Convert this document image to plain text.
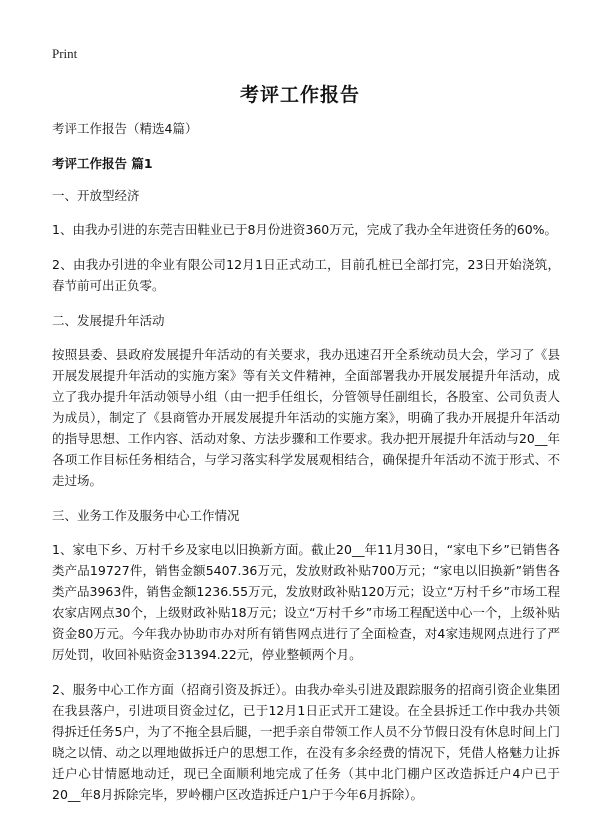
Print
考评工作报告

考评工作报告（精选4篇）

考评工作报告 篇1

一、开放型经济

1、由我办引进的东莞吉田鞋业已于8月份进资360万元，完成了我办全年进资任务的60%。

2、由我办引进的伞业有限公司12月1日正式动工，目前孔桩已全部打完，23日开始浇筑，春节前可出正负零。

二、发展提升年活动

按照县委、县政府发展提升年活动的有关要求，我办迅速召开全系统动员大会，学习了《县开展发展提升年活动的实施方案》等有关文件精神，全面部署我办开展发展提升年活动，成立了我办提升年活动领导小组（由一把手任组长，分管领导任副组长，各股室、公司负责人为成员），制定了《县商管办开展发展提升年活动的实施方案》，明确了我办开展提升年活动的指导思想、工作内容、活动对象、方法步骤和工作要求。我办把开展提升年活动与20__年各项工作目标任务相结合，与学习落实科学发展观相结合，确保提升年活动不流于形式、不走过场。

三、业务工作及服务中心工作情况

1、家电下乡、万村千乡及家电以旧换新方面。截止20__年11月30日，“家电下乡”已销售各类产品19727件，销售金额5407.36万元，发放财政补贴700万元；“家电以旧换新”销售各类产品3963件，销售金额1236.55万元，发放财政补贴120万元；设立“万村千乡”市场工程农家店网点30个，上级财政补贴18万元；设立“万村千乡”市场工程配送中心一个，上级补贴资金80万元。今年我办协助市办对所有销售网点进行了全面检查，对4家违规网点进行了严厉处罚，收回补贴资金31394.22元，停业整顿两个月。

2、服务中心工作方面（招商引资及拆迁）。由我办牵头引进及跟踪服务的招商引资企业集团在我县落户，引进项目资金过亿，已于12月1日正式开工建设。在全县拆迁工作中我办共领得拆迁任务5户，为了不拖全县后腿，一把手亲自带领工作人员不分节假日没有休息时间上门晓之以情、动之以理地做拆迁户的思想工作，在没有多余经费的情况下，凭借人格魅力让拆迁户心甘情愿地动迁，现已全面顺利地完成了任务（其中北门棚户区改造拆迁户4户已于20__年8月拆除完毕，罗岭棚户区改造拆迁户1户于今年6月拆除）。
